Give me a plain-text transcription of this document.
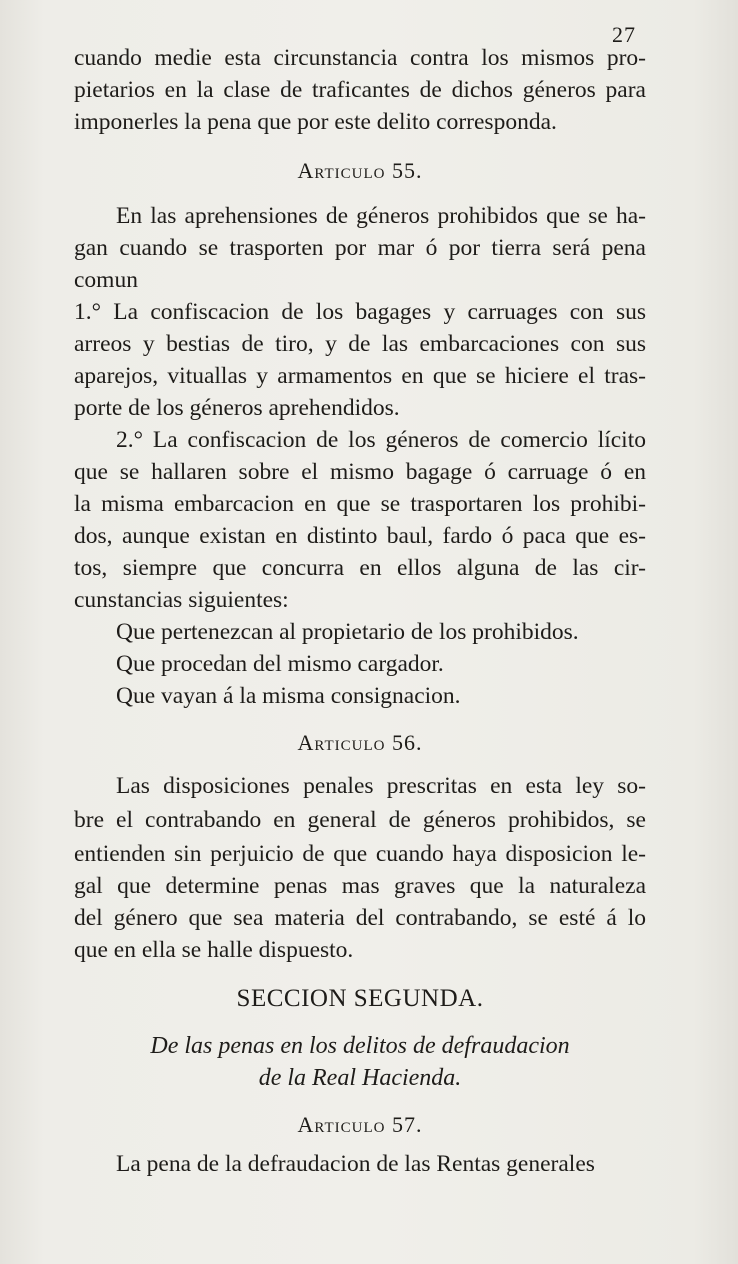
27
cuando medie esta circunstancia contra los mismos pro-
pietarios en la clase de traficantes de dichos géneros para
imponerles la pena que por este delito corresponda.
Articulo 55.
En las aprehensiones de géneros prohibidos que se ha-
gan cuando se trasporten por mar ó por tierra será pena
comun
1.° La confiscacion de los bagages y carruages con sus
arreos y bestias de tiro, y de las embarcaciones con sus
aparejos, vituallas y armamentos en que se hiciere el tras-
porte de los géneros aprehendidos.
2.° La confiscacion de los géneros de comercio lícito
que se hallaren sobre el mismo bagage ó carruage ó en
la misma embarcacion en que se trasportaren los prohibi-
dos, aunque existan en distinto baul, fardo ó paca que es-
tos, siempre que concurra en ellos alguna de las cir-
cunstancias siguientes:
Que pertenezcan al propietario de los prohibidos.
Que procedan del mismo cargador.
Que vayan á la misma consignacion.
Articulo 56.
Las disposiciones penales prescritas en esta ley so-
bre el contrabando en general de géneros prohibidos, se
entienden sin perjuicio de que cuando haya disposicion le-
gal que determine penas mas graves que la naturaleza
del género que sea materia del contrabando, se esté á lo
que en ella se halle dispuesto.
SECCION SEGUNDA.
De las penas en los delitos de defraudacion
de la Real Hacienda.
Articulo 57.
La pena de la defraudacion de las Rentas generales
